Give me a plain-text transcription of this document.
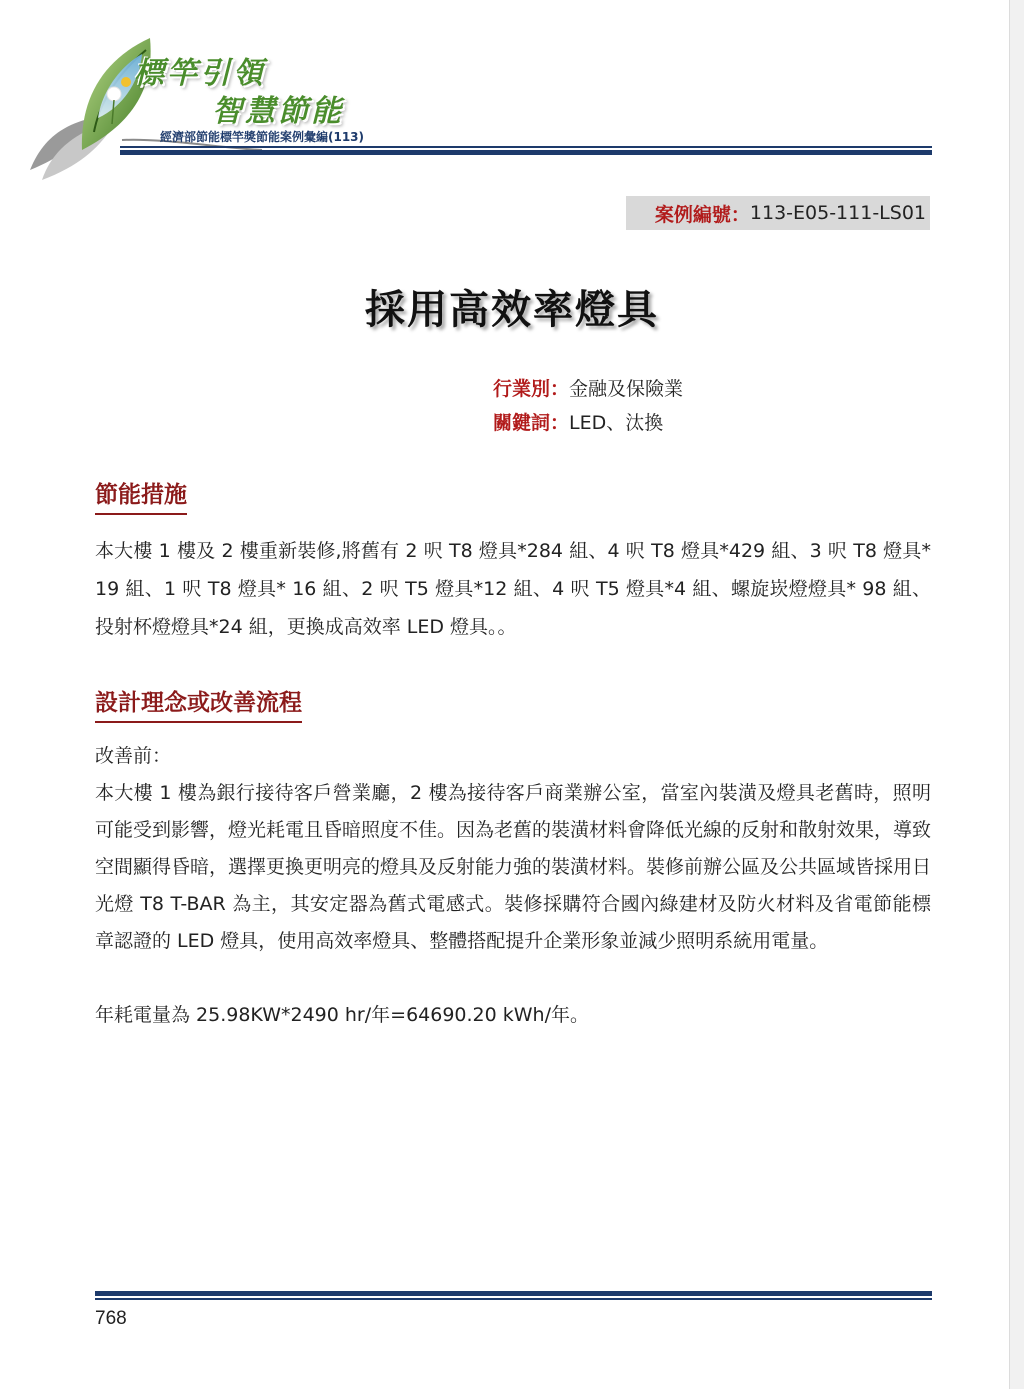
標竿引領
智慧節能
經濟部節能標竿獎節能案例彙編(113)
案例編號： 113-E05-111-LS01
採用高效率燈具
行業別：金融及保險業
關鍵詞：LED、汰換
節能措施

本大樓 1 樓及 2 樓重新裝修,將舊有 2 呎 T8 燈具*284 組、4 呎 T8 燈具*429 組、3 呎 T8 燈具* 19 組、1 呎 T8 燈具* 16 組、2 呎 T5 燈具*12 組、4 呎 T5 燈具*4 組、螺旋崁燈燈具* 98 組、投射杯燈燈具*24 組，更換成高效率 LED 燈具。。

設計理念或改善流程

改善前：

本大樓 1 樓為銀行接待客戶營業廳，2 樓為接待客戶商業辦公室，當室內裝潢及燈具老舊時，照明可能受到影響，燈光耗電且昏暗照度不佳。因為老舊的裝潢材料會降低光線的反射和散射效果，導致空間顯得昏暗，選擇更換更明亮的燈具及反射能力強的裝潢材料。裝修前辦公區及公共區域皆採用日光燈 T8 T-BAR 為主，其安定器為舊式電感式。裝修採購符合國內綠建材及防火材料及省電節能標章認證的 LED 燈具，使用高效率燈具、整體搭配提升企業形象並減少照明系統用電量。

年耗電量為 25.98KW*2490 hr/年=64690.20 kWh/年。

768
